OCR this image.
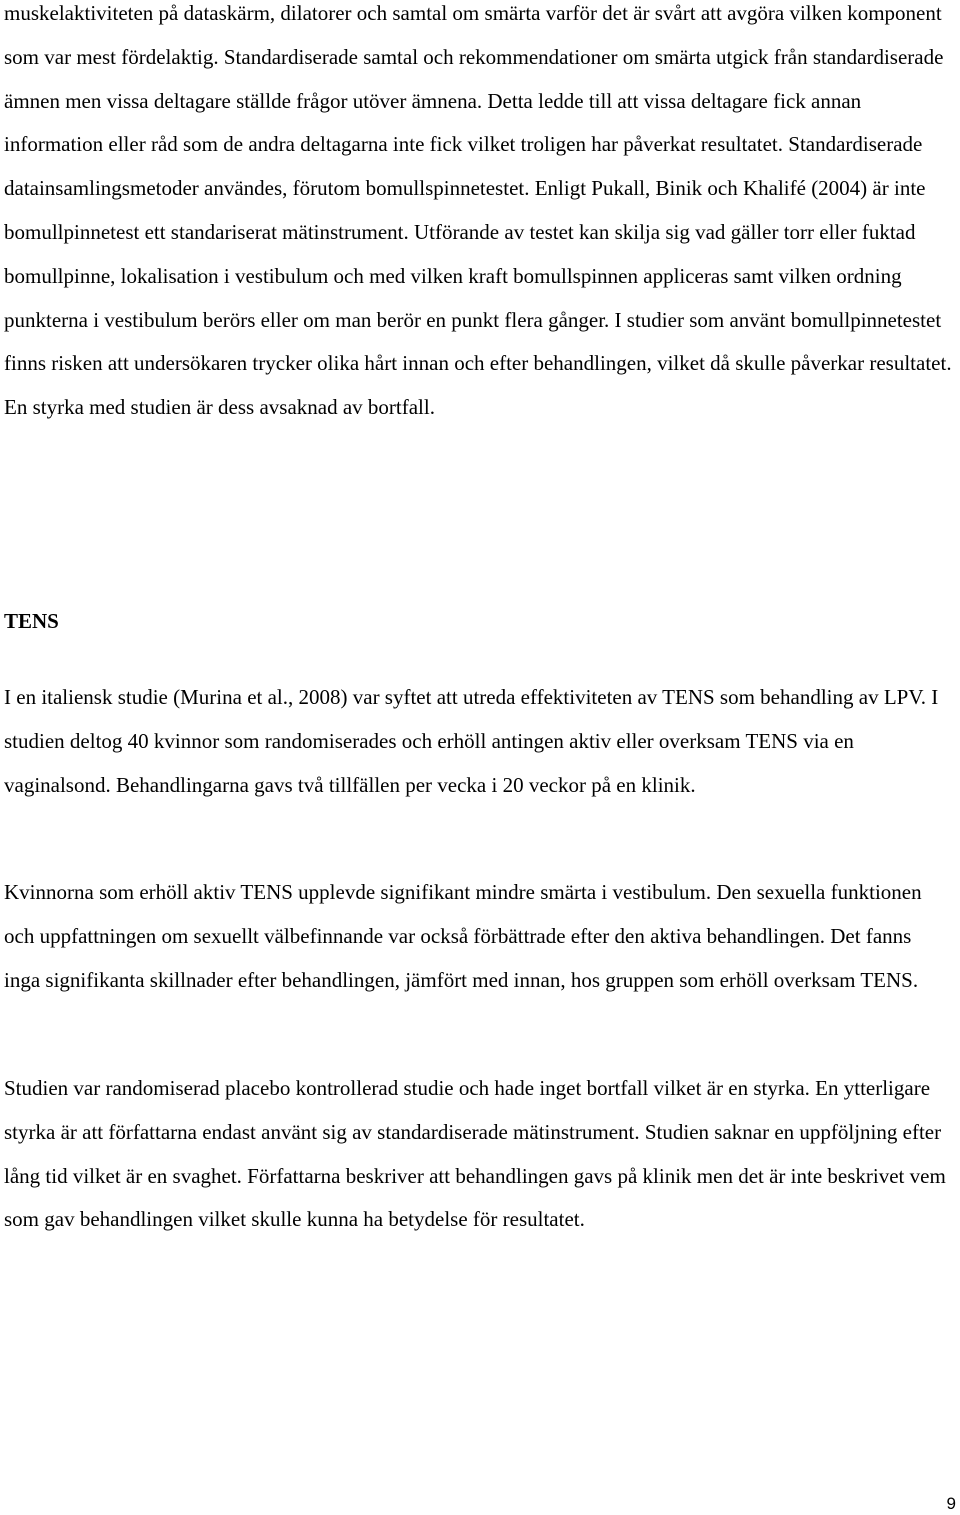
muskelaktiviteten på dataskärm, dilatorer och samtal om smärta varför det är svårt att avgöra vilken komponent som var mest fördelaktig. Standardiserade samtal och rekommendationer om smärta utgick från standardiserade ämnen men vissa deltagare ställde frågor utöver ämnena. Detta ledde till att vissa deltagare fick annan information eller råd som de andra deltagarna inte fick vilket troligen har påverkat resultatet. Standardiserade datainsamlingsmetoder användes, förutom bomullspinnetestet. Enligt Pukall, Binik och Khalifé (2004) är inte bomullpinnetest ett standariserat mätinstrument. Utförande av testet kan skilja sig vad gäller torr eller fuktad bomullpinne, lokalisation i vestibulum och med vilken kraft bomullspinnen appliceras samt vilken ordning punkterna i vestibulum berörs eller om man berör en punkt flera gånger. I studier som använt bomullpinnetestet finns risken att undersökaren trycker olika hårt innan och efter behandlingen, vilket då skulle påverkar resultatet. En styrka med studien är dess avsaknad av bortfall.

TENS

I en italiensk studie (Murina et al., 2008) var syftet att utreda effektiviteten av TENS som behandling av LPV. I studien deltog 40 kvinnor som randomiserades och erhöll antingen aktiv eller overksam TENS via en vaginalsond. Behandlingarna gavs två tillfällen per vecka i 20 veckor på en klinik.

Kvinnorna som erhöll aktiv TENS upplevde signifikant mindre smärta i vestibulum. Den sexuella funktionen och uppfattningen om sexuellt välbefinnande var också förbättrade efter den aktiva behandlingen. Det fanns inga signifikanta skillnader efter behandlingen, jämfört med innan, hos gruppen som erhöll overksam TENS.

Studien var randomiserad placebo kontrollerad studie och hade inget bortfall vilket är en styrka. En ytterligare styrka är att författarna endast använt sig av standardiserade mätinstrument. Studien saknar en uppföljning efter lång tid vilket är en svaghet. Författarna beskriver att behandlingen gavs på klinik men det är inte beskrivet vem som gav behandlingen vilket skulle kunna ha betydelse för resultatet.

9
